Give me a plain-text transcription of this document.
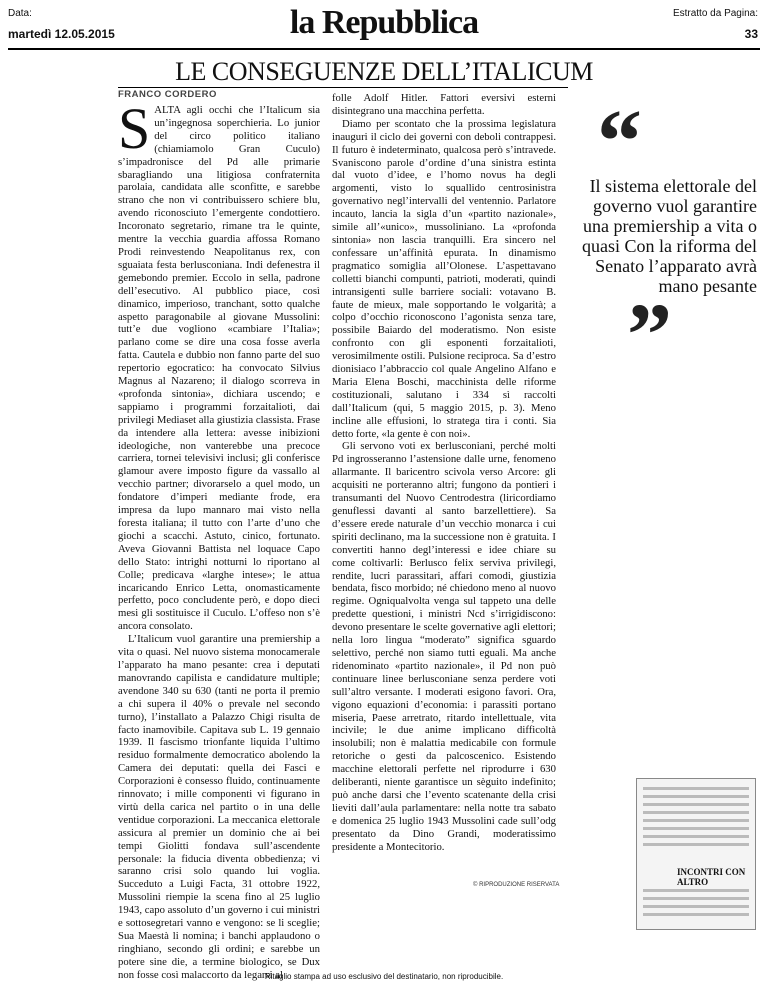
Data:
martedì 12.05.2015	la Repubblica	Estratto da Pagina:
33
LE CONSEGUENZE DELL’ITALICUM
FRANCO CORDERO
S ALTA agli occhi che l’Italicum sia un’ingegnosa soperchieria. Lo junior del circo politico italiano (chiamiamolo Gran Cuculo) s’impadronisce del Pd alle primarie sbaragliando una litigiosa confraternita parolaia, candidata alle sconfitte, e sarebbe strano che non vi contribuissero schiere blu, avendo riconosciuto l’emergente condottiero. Incoronato segretario, rimane tra le quinte, mentre la vecchia guardia affossa Romano Prodi reinvestendo Neapolitanus rex, con sguaiata festa berlusconiana. Indi defenestra il gemebondo premier. Eccolo in sella, padrone dell’esecutivo. Al pubblico piace, così dinamico, imperioso, tranchant, sotto qualche aspetto paragonabile al giovane Mussolini: tutt’e due vogliono «cambiare l’Italia»; parlano come se dire una cosa fosse averla fatta. Cautela e dubbio non fanno parte del suo repertorio egocratico: ha convocato Silvius Magnus al Nazareno; il dialogo scorreva in «profonda sintonia», dichiara uscendo; e sappiamo i programmi forzaitalioti, dai privilegi Mediaset alla giustizia classista. Frase da intendere alla lettera: avesse inibizioni ideologiche, non vanterebbe una precoce carriera, tornei televisivi inclusi; gli conferisce glamour avere imposto figure da vassallo al vecchio partner; divorarselo a quel modo, un fondatore d’imperi mediante frode, era impresa da lupo mannaro mai visto nella foresta italiana; il tutto con l’arte d’uno che giochi a scacchi. Astuto, cinico, fortunato. Aveva Giovanni Battista nel loquace Capo dello Stato: intrighi notturni lo riportano al Colle; predicava «larghe intese»; le attua incaricando Enrico Letta, onomasticamente perfetto, poco concludente però, e dopo dieci mesi gli sostituisce il Cuculo. L’offeso non s’è ancora consolato.

L’Italicum vuol garantire una premiership a vita o quasi. Nel nuovo sistema monocamerale l’apparato ha mano pesante: crea i deputati manovrando capilista e candidature multiple; avendone 340 su 630 (tanti ne porta il premio a chi supera il 40% o prevale nel secondo turno), l’installato a Palazzo Chigi risulta de facto inamovibile. Capitava sub L. 19 gennaio 1939. Il fascismo trionfante liquida l’ultimo residuo formalmente democratico abolendo la Camera dei deputati: quella dei Fasci e Corporazioni è consesso fluido, continuamente rinnovato; i mille componenti vi figurano in virtù della carica nel partito o in una delle ventidue corporazioni. La meccanica elettorale assicura al premier un dominio che ai bei tempi Giolitti fondava sull’ascendente personale: la fiducia diventa obbedienza; vi saranno crisi solo quando lui voglia. Succeduto a Luigi Facta, 31 ottobre 1922, Mussolini riempie la scena fino al 25 luglio 1943, capo assoluto d’un governo i cui ministri e sottosegretari vanno e vengono: se li sceglie; Sua Maestà li nomina; i banchi applaudono o ringhiano, secondo gli ordini; e sarebbe un potere sine die, a termine biologico, se Dux non fosse così malaccorto da legarsi al

folle Adolf Hitler. Fattori eversivi esterni disintegrano una macchina perfetta.

Diamo per scontato che la prossima legislatura inauguri il ciclo dei governi con deboli contrappesi. Il futuro è indeterminato, qualcosa però s’intravede. Svaniscono parole d’ordine d’una sinistra estinta dal vuoto d’idee, e l’homo novus ha degli argomenti, visto lo squallido centrosinistra governativo negl’intervalli del ventennio. Parlatore incauto, lancia la sigla d’un «partito nazionale», simile all’«unico», mussoliniano. La «profonda sintonia» non lascia tranquilli. Era sincero nel confessare un’affinità epurata. In dinamismo pragmatico somiglia all’Olonese. L’aspettavano colletti bianchi compunti, patrioti, moderati, quindi intransigenti sulle barriere sociali: votavano B. faute de mieux, male sopportando le volgarità; a colpo d’occhio riconoscono l’agonista senza tare, possibile Baiardo del moderatismo. Non esiste confronto con gli esponenti forzaitalioti, verosimilmente ostili. Pulsione reciproca. Sa d’estro dionisiaco l’abbraccio col quale Angelino Alfano e Maria Elena Boschi, macchinista delle riforme costituzionali, salutano i 334 sì raccolti dall’Italicum (qui, 5 maggio 2015, p. 3). Meno incline alle effusioni, lo stratega tira i conti. Sia detto forte, «la gente è con noi».

Gli servono voti ex berlusconiani, perché molti Pd ingrosseranno l’astensione dalle urne, fenomeno allarmante. Il baricentro scivola verso Arcore: gli acquisiti ne porteranno altri; fungono da pontieri i transumanti del Nuovo Centrodestra (liricordiamo genuflessi davanti al santo barzellettiere). Sa d’essere erede naturale d’un vecchio monarca i cui spiriti declinano, ma la successione non è gratuita. I convertiti hanno degl’interessi e idee chiare su come coltivarli: Berlusco felix serviva privilegi, rendite, lucri parassitari, affari comodi, giustizia bendata, fisco morbido; né chiedono meno al nuovo regime. Ogniqualvolta venga sul tappeto una delle predette questioni, i ministri Ncd s’irrigidiscono: devono presentare le scelte governative agli elettori; nella loro lingua “moderato” significa sguardo selettivo, perché non siamo tutti eguali. Ma anche ridenominato «partito nazionale», il Pd non può continuare linee berlusconiane senza perdere voti sull’altro versante. I moderati esigono favori. Ora, vigono equazioni d’economia: i parassiti portano miseria, Paese arretrato, ritardo intellettuale, vita incivile; le due anime implicano difficoltà insolubili; non è malattia medicabile con formule retoriche o gesti da palcoscenico. Esistendo macchine elettorali perfette nel riprodurre i 630 deliberanti, niente garantisce un sèguito indefinito; può anche darsi che l’evento scatenante della crisi lieviti dall’aula parlamentare: nella notte tra sabato e domenica 25 luglio 1943 Mussolini cade sull’odg presentato da Dino Grandi, moderatissimo presidente a Montecitorio.

“
Il sistema elettorale del governo vuol garantire una premiership a vita o quasi Con la riforma del Senato l’apparato avrà mano pesante
”
© RIPRODUZIONE RISERVATA
INCONTRI CON ALTRO
Ritaglio stampa ad uso esclusivo del destinatario, non riproducibile.
